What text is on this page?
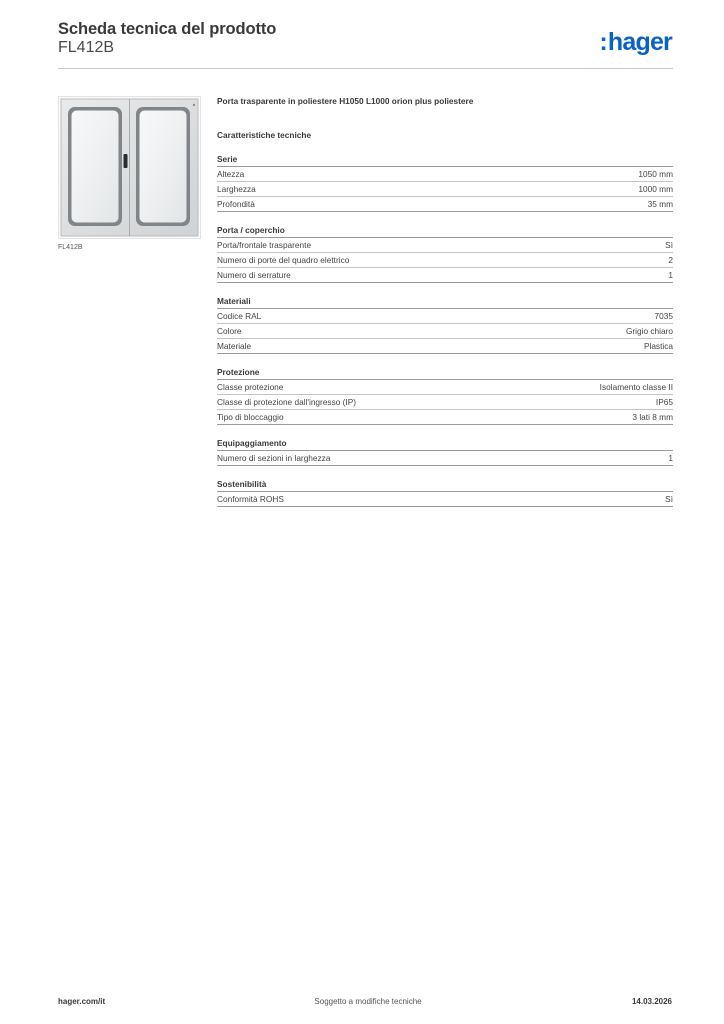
Scheda tecnica del prodotto
FL412B	:hager
FL412B

Porta trasparente in poliestere H1050 L1000 orion plus poliestere

Caratteristiche tecniche

Serie
Altezza	1050 mm
Larghezza	1000 mm
Profondità	35 mm
Porta / coperchio
Porta/frontale trasparente	Sì
Numero di porte del quadro elettrico	2
Numero di serrature	1
Materiali
Codice RAL	7035
Colore	Grigio chiaro
Materiale	Plastica
Protezione
Classe protezione	Isolamento classe II
Classe di protezione dall'ingresso (IP)	IP65
Tipo di bloccaggio	3 lati 8 mm
Equipaggiamento
Numero di sezioni in larghezza	1
Sostenibilità
Conformità ROHS	Sì
hager.com/it	Soggetto a modifiche tecniche	14.03.2026
